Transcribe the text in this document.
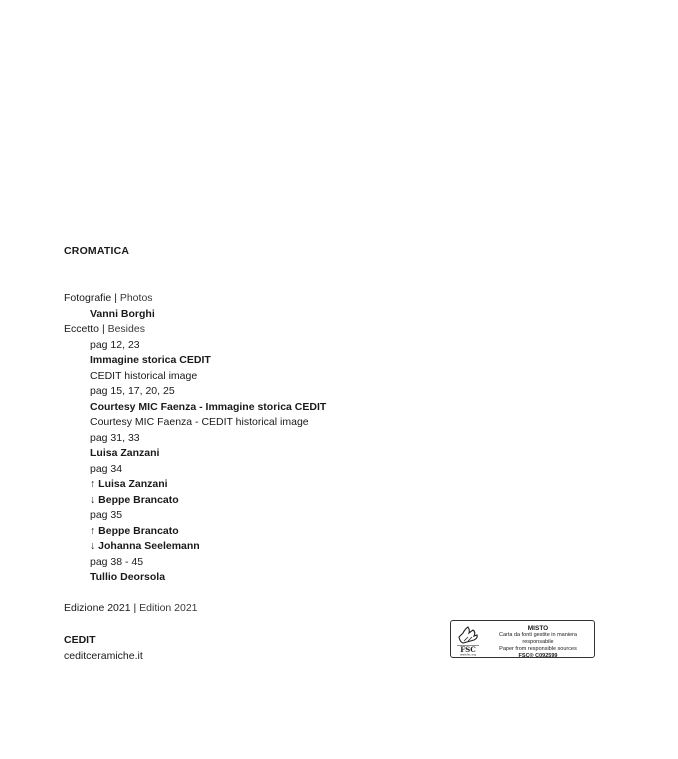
CROMATICA
Fotografie | Photos
Vanni Borghi
Eccetto | Besides
pag 12, 23
Immagine storica CEDIT
CEDIT historical image
pag 15, 17, 20, 25
Courtesy MIC Faenza - Immagine storica CEDIT
Courtesy MIC Faenza - CEDIT historical image
pag 31, 33
Luisa Zanzani
pag 34
↑ Luisa Zanzani
↓ Beppe Brancato
pag 35
↑ Beppe Brancato
↓ Johanna Seelemann
pag 38 - 45
Tullio Deorsola
Edizione 2021 | Edition 2021
CEDIT
ceditceramiche.it	FSC
www.fsc.org
MISTO
Carta da fonti gestite in maniera responsabile
Paper from responsible sources
FSC® C092599
